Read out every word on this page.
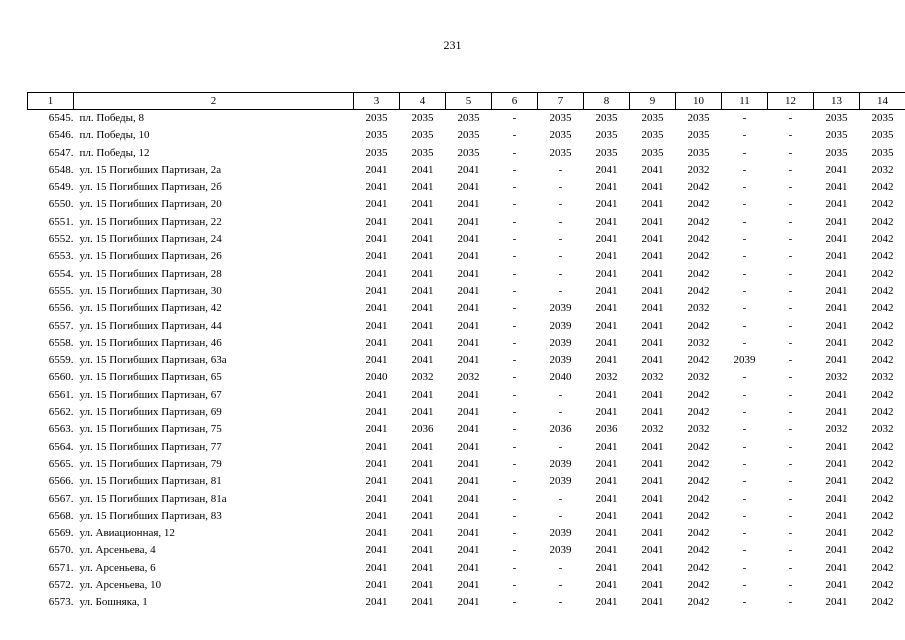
231
1	2	3	4	5	6	7	8	9	10	11	12	13	14
6545.	пл. Победы, 8	2035	2035	2035	-	2035	2035	2035	2035	-	-	2035	2035
6546.	пл. Победы, 10	2035	2035	2035	-	2035	2035	2035	2035	-	-	2035	2035
6547.	пл. Победы, 12	2035	2035	2035	-	2035	2035	2035	2035	-	-	2035	2035
6548.	ул. 15 Погибших Партизан, 2а	2041	2041	2041	-	-	2041	2041	2032	-	-	2041	2032
6549.	ул. 15 Погибших Партизан, 2б	2041	2041	2041	-	-	2041	2041	2042	-	-	2041	2042
6550.	ул. 15 Погибших Партизан, 20	2041	2041	2041	-	-	2041	2041	2042	-	-	2041	2042
6551.	ул. 15 Погибших Партизан, 22	2041	2041	2041	-	-	2041	2041	2042	-	-	2041	2042
6552.	ул. 15 Погибших Партизан, 24	2041	2041	2041	-	-	2041	2041	2042	-	-	2041	2042
6553.	ул. 15 Погибших Партизан, 26	2041	2041	2041	-	-	2041	2041	2042	-	-	2041	2042
6554.	ул. 15 Погибших Партизан, 28	2041	2041	2041	-	-	2041	2041	2042	-	-	2041	2042
6555.	ул. 15 Погибших Партизан, 30	2041	2041	2041	-	-	2041	2041	2042	-	-	2041	2042
6556.	ул. 15 Погибших Партизан, 42	2041	2041	2041	-	2039	2041	2041	2032	-	-	2041	2042
6557.	ул. 15 Погибших Партизан, 44	2041	2041	2041	-	2039	2041	2041	2042	-	-	2041	2042
6558.	ул. 15 Погибших Партизан, 46	2041	2041	2041	-	2039	2041	2041	2032	-	-	2041	2042
6559.	ул. 15 Погибших Партизан, 63а	2041	2041	2041	-	2039	2041	2041	2042	2039	-	2041	2042
6560.	ул. 15 Погибших Партизан, 65	2040	2032	2032	-	2040	2032	2032	2032	-	-	2032	2032
6561.	ул. 15 Погибших Партизан, 67	2041	2041	2041	-	-	2041	2041	2042	-	-	2041	2042
6562.	ул. 15 Погибших Партизан, 69	2041	2041	2041	-	-	2041	2041	2042	-	-	2041	2042
6563.	ул. 15 Погибших Партизан, 75	2041	2036	2041	-	2036	2036	2032	2032	-	-	2032	2032
6564.	ул. 15 Погибших Партизан, 77	2041	2041	2041	-	-	2041	2041	2042	-	-	2041	2042
6565.	ул. 15 Погибших Партизан, 79	2041	2041	2041	-	2039	2041	2041	2042	-	-	2041	2042
6566.	ул. 15 Погибших Партизан, 81	2041	2041	2041	-	2039	2041	2041	2042	-	-	2041	2042
6567.	ул. 15 Погибших Партизан, 81а	2041	2041	2041	-	-	2041	2041	2042	-	-	2041	2042
6568.	ул. 15 Погибших Партизан, 83	2041	2041	2041	-	-	2041	2041	2042	-	-	2041	2042
6569.	ул. Авиационная, 12	2041	2041	2041	-	2039	2041	2041	2042	-	-	2041	2042
6570.	ул. Арсеньева, 4	2041	2041	2041	-	2039	2041	2041	2042	-	-	2041	2042
6571.	ул. Арсеньева, 6	2041	2041	2041	-	-	2041	2041	2042	-	-	2041	2042
6572.	ул. Арсеньева, 10	2041	2041	2041	-	-	2041	2041	2042	-	-	2041	2042
6573.	ул. Бошняка, 1	2041	2041	2041	-	-	2041	2041	2042	-	-	2041	2042
